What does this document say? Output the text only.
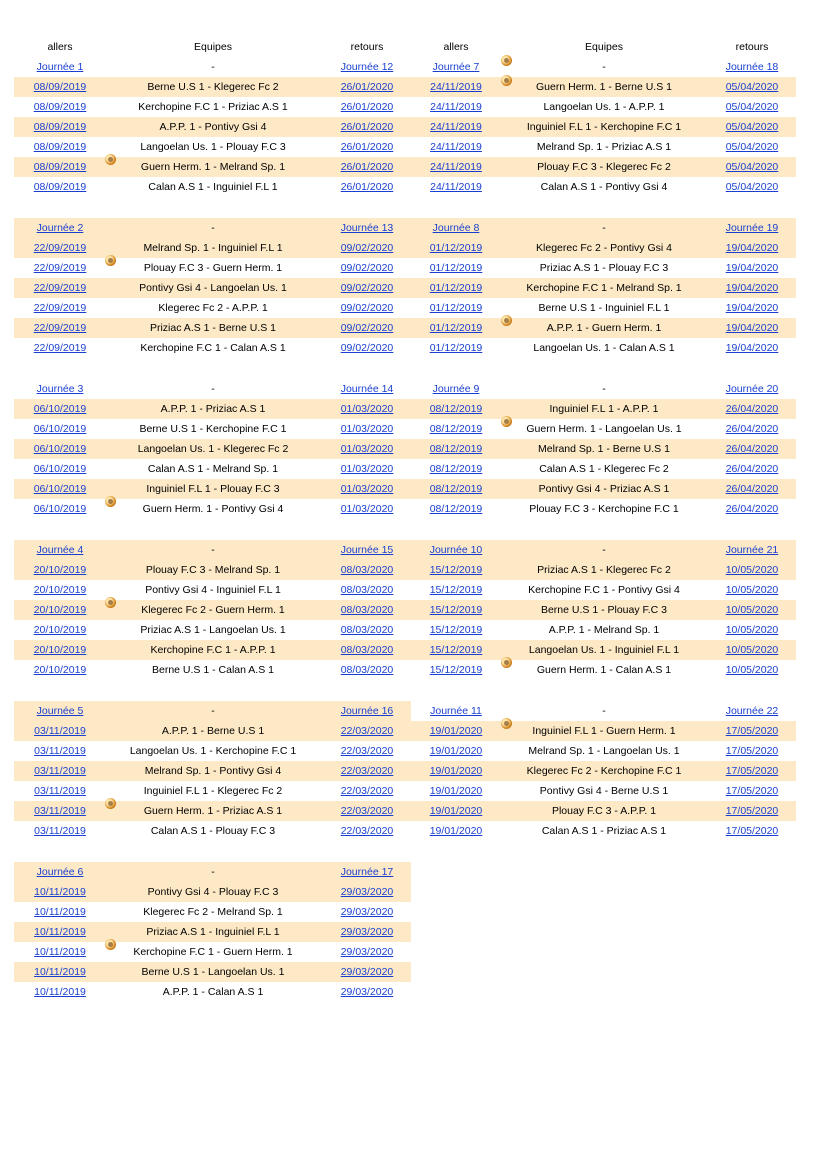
allers	Equipes	retours	allers	Equipes	retours
Journée 1	-	Journée 12
08/09/2019	Berne U.S 1 - Klegerec Fc 2	26/01/2020
08/09/2019	Kerchopine F.C 1 - Priziac A.S 1	26/01/2020
08/09/2019	A.P.P. 1 - Pontivy Gsi 4	26/01/2020
08/09/2019	Langoelan Us. 1 - Plouay F.C 3	26/01/2020
08/09/2019	Guern Herm. 1 - Melrand Sp. 1	26/01/2020
08/09/2019	Calan A.S 1 - Inguiniel F.L 1	26/01/2020
Journée 2	-	Journée 13
22/09/2019	Melrand Sp. 1 - Inguiniel F.L 1	09/02/2020
22/09/2019	Plouay F.C 3 - Guern Herm. 1	09/02/2020
22/09/2019	Pontivy Gsi 4 - Langoelan Us. 1	09/02/2020
22/09/2019	Klegerec Fc 2 - A.P.P. 1	09/02/2020
22/09/2019	Priziac A.S 1 - Berne U.S 1	09/02/2020
22/09/2019	Kerchopine F.C 1 - Calan A.S 1	09/02/2020
Journée 3	-	Journée 14
06/10/2019	A.P.P. 1 - Priziac A.S 1	01/03/2020
06/10/2019	Berne U.S 1 - Kerchopine F.C 1	01/03/2020
06/10/2019	Langoelan Us. 1 - Klegerec Fc 2	01/03/2020
06/10/2019	Calan A.S 1 - Melrand Sp. 1	01/03/2020
06/10/2019	Inguiniel F.L 1 - Plouay F.C 3	01/03/2020
06/10/2019	Guern Herm. 1 - Pontivy Gsi 4	01/03/2020
Journée 4	-	Journée 15
20/10/2019	Plouay F.C 3 - Melrand Sp. 1	08/03/2020
20/10/2019	Pontivy Gsi 4 - Inguiniel F.L 1	08/03/2020
20/10/2019	Klegerec Fc 2 - Guern Herm. 1	08/03/2020
20/10/2019	Priziac A.S 1 - Langoelan Us. 1	08/03/2020
20/10/2019	Kerchopine F.C 1 - A.P.P. 1	08/03/2020
20/10/2019	Berne U.S 1 - Calan A.S 1	08/03/2020
Journée 5	-	Journée 16
03/11/2019	A.P.P. 1 - Berne U.S 1	22/03/2020
03/11/2019	Langoelan Us. 1 - Kerchopine F.C 1	22/03/2020
03/11/2019	Melrand Sp. 1 - Pontivy Gsi 4	22/03/2020
03/11/2019	Inguiniel F.L 1 - Klegerec Fc 2	22/03/2020
03/11/2019	Guern Herm. 1 - Priziac A.S 1	22/03/2020
03/11/2019	Calan A.S 1 - Plouay F.C 3	22/03/2020
Journée 6	-	Journée 17
10/11/2019	Pontivy Gsi 4 - Plouay F.C 3	29/03/2020
10/11/2019	Klegerec Fc 2 - Melrand Sp. 1	29/03/2020
10/11/2019	Priziac A.S 1 - Inguiniel F.L 1	29/03/2020
10/11/2019	Kerchopine F.C 1 - Guern Herm. 1	29/03/2020
10/11/2019	Berne U.S 1 - Langoelan Us. 1	29/03/2020
10/11/2019	A.P.P. 1 - Calan A.S 1	29/03/2020
Journée 7	-	Journée 18
24/11/2019	Guern Herm. 1 - Berne U.S 1	05/04/2020
24/11/2019	Langoelan Us. 1 - A.P.P. 1	05/04/2020
24/11/2019	Inguiniel F.L 1 - Kerchopine F.C 1	05/04/2020
24/11/2019	Melrand Sp. 1 - Priziac A.S 1	05/04/2020
24/11/2019	Plouay F.C 3 - Klegerec Fc 2	05/04/2020
24/11/2019	Calan A.S 1 - Pontivy Gsi 4	05/04/2020
Journée 8	-	Journée 19
01/12/2019	Klegerec Fc 2 - Pontivy Gsi 4	19/04/2020
01/12/2019	Priziac A.S 1 - Plouay F.C 3	19/04/2020
01/12/2019	Kerchopine F.C 1 - Melrand Sp. 1	19/04/2020
01/12/2019	Berne U.S 1 - Inguiniel F.L 1	19/04/2020
01/12/2019	A.P.P. 1 - Guern Herm. 1	19/04/2020
01/12/2019	Langoelan Us. 1 - Calan A.S 1	19/04/2020
Journée 9	-	Journée 20
08/12/2019	Inguiniel F.L 1 - A.P.P. 1	26/04/2020
08/12/2019	Guern Herm. 1 - Langoelan Us. 1	26/04/2020
08/12/2019	Melrand Sp. 1 - Berne U.S 1	26/04/2020
08/12/2019	Calan A.S 1 - Klegerec Fc 2	26/04/2020
08/12/2019	Pontivy Gsi 4 - Priziac A.S 1	26/04/2020
08/12/2019	Plouay F.C 3 - Kerchopine F.C 1	26/04/2020
Journée 10	-	Journée 21
15/12/2019	Priziac A.S 1 - Klegerec Fc 2	10/05/2020
15/12/2019	Kerchopine F.C 1 - Pontivy Gsi 4	10/05/2020
15/12/2019	Berne U.S 1 - Plouay F.C 3	10/05/2020
15/12/2019	A.P.P. 1 - Melrand Sp. 1	10/05/2020
15/12/2019	Langoelan Us. 1 - Inguiniel F.L 1	10/05/2020
15/12/2019	Guern Herm. 1 - Calan A.S 1	10/05/2020
Journée 11	-	Journée 22
19/01/2020	Inguiniel F.L 1 - Guern Herm. 1	17/05/2020
19/01/2020	Melrand Sp. 1 - Langoelan Us. 1	17/05/2020
19/01/2020	Klegerec Fc 2 - Kerchopine F.C 1	17/05/2020
19/01/2020	Pontivy Gsi 4 - Berne U.S 1	17/05/2020
19/01/2020	Plouay F.C 3 - A.P.P. 1	17/05/2020
19/01/2020	Calan A.S 1 - Priziac A.S 1	17/05/2020
